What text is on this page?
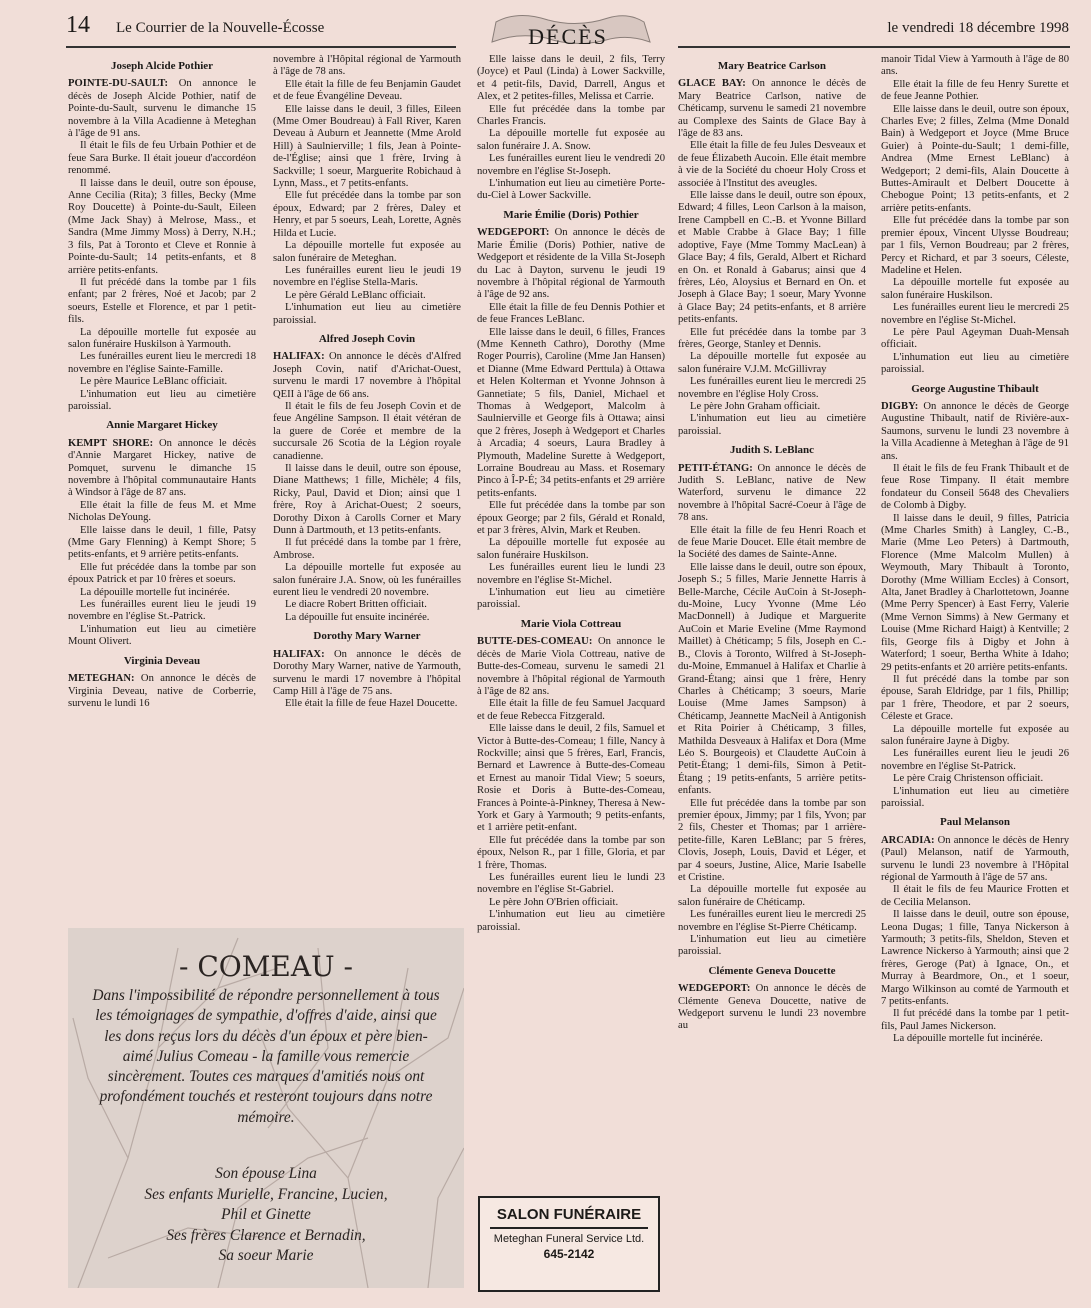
14 Le Courrier de la Nouvelle-Écosse	DÉCÈS	le vendredi 18 décembre 1998
Joseph Alcide Pothier

POINTE-DU-SAULT: On annonce le décès de Joseph Alcide Pothier, natif de Pointe-du-Sault, survenu le dimanche 15 novembre à la Villa Acadienne à Meteghan à l'âge de 91 ans.

Il était le fils de feu Urbain Pothier et de feue Sara Burke. Il était joueur d'accordéon renommé.

Il laisse dans le deuil, outre son épouse, Anne Cecilia (Rita); 3 filles, Becky (Mme Roy Doucette) à Pointe-du-Sault, Eileen (Mme Jack Shay) à Melrose, Mass., et Sandra (Mme Jimmy Moss) à Derry, N.H.; 3 fils, Pat à Toronto et Cleve et Ronnie à Pointe-du-Sault; 14 petits-enfants, et 8 arrière petits-enfants.

Il fut précédé dans la tombe par 1 fils enfant; par 2 frères, Noé et Jacob; par 2 soeurs, Estelle et Florence, et par 1 petit-fils.

La dépouille mortelle fut exposée au salon funéraire Huskilson à Yarmouth.

Les funérailles eurent lieu le mercredi 18 novembre en l'église Sainte-Famille.

Le père Maurice LeBlanc officiait.

L'inhumation eut lieu au cimetière paroissial.

Annie Margaret Hickey

KEMPT SHORE: On annonce le décès d'Annie Margaret Hickey, native de Pomquet, survenu le dimanche 15 novembre à l'hôpital communautaire Hants à Windsor à l'âge de 87 ans.

Elle était la fille de feus M. et Mme Nicholas DeYoung.

Elle laisse dans le deuil, 1 fille, Patsy (Mme Gary Flenning) à Kempt Shore; 5 petits-enfants, et 9 arrière petits-enfants.

Elle fut précédée dans la tombe par son époux Patrick et par 10 frères et soeurs.

La dépouille mortelle fut incinérée.

Les funérailles eurent lieu le jeudi 19 novembre en l'église St.-Patrick.

L'inhumation eut lieu au cimetière Mount Olivert.

Virginia Deveau

METEGHAN: On annonce le décès de Virginia Deveau, native de Corberrie, survenu le lundi 16

novembre à l'Hôpital régional de Yarmouth à l'âge de 78 ans.

Elle était la fille de feu Benjamin Gaudet et de feue Évangéline Deveau.

Elle laisse dans le deuil, 3 filles, Eileen (Mme Omer Boudreau) à Fall River, Karen Deveau à Auburn et Jeannette (Mme Arold Hill) à Saulnierville; 1 fils, Jean à Pointe-de-l'Église; ainsi que 1 frère, Irving à Sackville; 1 soeur, Marguerite Robichaud à Lynn, Mass., et 7 petits-enfants.

Elle fut précédée dans la tombe par son époux, Edward; par 2 frères, Daley et Henry, et par 5 soeurs, Leah, Lorette, Agnès Hilda et Lucie.

La dépouille mortelle fut exposée au salon funéraire de Meteghan.

Les funérailles eurent lieu le jeudi 19 novembre en l'église Stella-Maris.

Le père Gérald LeBlanc officiait.

L'inhumation eut lieu au cimetière paroissial.

Alfred Joseph Covin

HALIFAX: On annonce le décès d'Alfred Joseph Covin, natif d'Arichat-Ouest, survenu le mardi 17 novembre à l'hôpital QEII à l'âge de 66 ans.

Il était le fils de feu Joseph Covin et de feue Angéline Sampson. Il était vétéran de la guere de Corée et membre de la succursale 26 Scotia de la Légion royale canadienne.

Il laisse dans le deuil, outre son épouse, Diane Matthews; 1 fille, Michèle; 4 fils, Ricky, Paul, David et Dion; ainsi que 1 frère, Roy à Arichat-Ouest; 2 soeurs, Dorothy Dixon à Carolls Corner et Mary Dunn à Dartmouth, et 13 petits-enfants.

Il fut précédé dans la tombe par 1 frère, Ambrose.

La dépouille mortelle fut exposée au salon funéraire J.A. Snow, où les funérailles eurent lieu le vendredi 20 novembre.

Le diacre Robert Britten officiait.

La dépouille fut ensuite incinérée.

Dorothy Mary Warner

HALIFAX: On annonce le décès de Dorothy Mary Warner, native de Yarmouth, survenu le mardi 17 novembre à l'hôpital Camp Hill à l'âge de 75 ans.

Elle était la fille de feue Hazel Doucette.

Elle laisse dans le deuil, 2 fils, Terry (Joyce) et Paul (Linda) à Lower Sackville, et 4 petit-fils, David, Darrell, Angus et Alex, et 2 petites-filles, Melissa et Carrie.

Elle fut précédée dans la tombe par Charles Francis.

La dépouille mortelle fut exposée au salon funéraire J. A. Snow.

Les funérailles eurent lieu le vendredi 20 novembre en l'église St-Joseph.

L'inhumation eut lieu au cimetière Porte-du-Ciel à Lower Sackville.

Marie Émilie (Doris) Pothier

WEDGEPORT: On annonce le décès de Marie Émilie (Doris) Pothier, native de Wedgeport et résidente de la Villa St-Joseph du Lac à Dayton, survenu le jeudi 19 novembre à l'hôpital régional de Yarmouth à l'âge de 92 ans.

Elle était la fille de feu Dennis Pothier et de feue Frances LeBlanc.

Elle laisse dans le deuil, 6 filles, Frances (Mme Kenneth Cathro), Dorothy (Mme Roger Pourris), Caroline (Mme Jan Hansen) et Dianne (Mme Edward Perttula) à Ottawa et Helen Kolterman et Yvonne Johnson à Gannetiate; 5 fils, Daniel, Michael et Thomas à Wedgeport, Malcolm à Saulnierville et George fils à Ottawa; ainsi que 2 frères, Joseph à Wedgeport et Charles à Arcadia; 4 soeurs, Laura Bradley à Plymouth, Madeline Surette à Wedgeport, Lorraine Boudreau au Mass. et Rosemary Pinco à Î-P-É; 34 petits-enfants et 29 arrière petits-enfants.

Elle fut précédée dans la tombe par son époux George; par 2 fils, Gérald et Ronald, et par 3 frères, Alvin, Mark et Reuben.

La dépouille mortelle fut exposée au salon funéraire Huskilson.

Les funérailles eurent lieu le lundi 23 novembre en l'église St-Michel.

L'inhumation eut lieu au cimetière paroissial.

Marie Viola Cottreau

BUTTE-DES-COMEAU: On annonce le décès de Marie Viola Cottreau, native de Butte-des-Comeau, survenu le samedi 21 novembre à l'hôpital régional de Yarmouth à l'âge de 82 ans.

Elle était la fille de feu Samuel Jacquard et de feue Rebecca Fitzgerald.

Elle laisse dans le deuil, 2 fils, Samuel et Victor à Butte-des-Comeau; 1 fille, Nancy à Rockville; ainsi que 5 frères, Earl, Francis, Bernard et Lawrence à Butte-des-Comeau et Ernest au manoir Tidal View; 5 soeurs, Rosie et Doris à Butte-des-Comeau, Frances à Pointe-à-Pinkney, Theresa à New-York et Gary à Yarmouth; 9 petits-enfants, et 1 arrière petit-enfant.

Elle fut précédée dans la tombe par son époux, Nelson R., par 1 fille, Gloria, et par 1 frère, Thomas.

Les funérailles eurent lieu le lundi 23 novembre en l'église St-Gabriel.

Le père John O'Brien officiait.

L'inhumation eut lieu au cimetière paroissial.

Mary Beatrice Carlson

GLACE BAY: On annonce le décès de Mary Beatrice Carlson, native de Chéticamp, survenu le samedi 21 novembre au Complexe des Saints de Glace Bay à l'âge de 83 ans.

Elle était la fille de feu Jules Desveaux et de feue Élizabeth Aucoin. Elle était membre à vie de la Société du choeur Holy Cross et associée à l'Institut des aveugles.

Elle laisse dans le deuil, outre son époux, Edward; 4 filles, Leon Carlson à la maison, Irene Campbell en C.-B. et Yvonne Billard et Mable Crabbe à Glace Bay; 1 fille adoptive, Faye (Mme Tommy MacLean) à Glace Bay; 4 fils, Gerald, Albert et Richard en On. et Ronald à Gabarus; ainsi que 4 frères, Léo, Aloysius et Bernard en On. et Joseph à Glace Bay; 1 soeur, Mary Yvonne à Glace Bay; 24 petits-enfants, et 8 arrière petits-enfants.

Elle fut précédée dans la tombe par 3 frères, George, Stanley et Dennis.

La dépouille mortelle fut exposée au salon funéraire V.J.M. McGillivray

Les funérailles eurent lieu le mercredi 25 novembre en l'église Holy Cross.

Le père John Graham officiait.

L'inhumation eut lieu au cimetière paroissial.

Judith S. LeBlanc

PETIT-ÉTANG: On annonce le décès de Judith S. LeBlanc, native de New Waterford, survenu le dimance 22 novembre à l'hôpital Sacré-Coeur à l'âge de 78 ans.

Elle était la fille de feu Henri Roach et de feue Marie Doucet. Elle était membre de la Société des dames de Sainte-Anne.

Elle laisse dans le deuil, outre son époux, Joseph S.; 5 filles, Marie Jennette Harris à Belle-Marche, Cécile AuCoin à St-Joseph-du-Moine, Lucy Yvonne (Mme Léo MacDonnell) à Judique et Marguerite AuCoin et Marie Eveline (Mme Raymond Maillet) à Chéticamp; 5 fils, Joseph en C.-B., Clovis à Toronto, Wilfred à St-Joseph-du-Moine, Emmanuel à Halifax et Charlie à Grand-Étang; ainsi que 1 frère, Henry Charles à Chéticamp; 3 soeurs, Marie Louise (Mme James Sampson) à Chéticamp, Jeannette MacNeil à Antigonish et Rita Poirier à Chéticamp, 3 filles, Mathilda Desveaux à Halifax et Dora (Mme Léo S. Bourgeois) et Claudette AuCoin à Petit-Étang; 1 demi-fils, Simon à Petit-Étang ; 19 petits-enfants, 5 arrière petits-enfants.

Elle fut précédée dans la tombe par son premier époux, Jimmy; par 1 fils, Yvon; par 2 fils, Chester et Thomas; par 1 arrière-petite-fille, Karen LeBlanc; par 5 frères, Clovis, Joseph, Louis, David et Léger, et par 4 soeurs, Justine, Alice, Marie Isabelle et Cristine.

La dépouille mortelle fut exposée au salon funéraire de Chéticamp.

Les funérailles eurent lieu le mercredi 25 novembre en l'église St-Pierre Chéticamp.

L'inhumation eut lieu au cimetière paroissial.

Clémente Geneva Doucette

WEDGEPORT: On annonce le décès de Clémente Geneva Doucette, native de Wedgeport survenu le lundi 23 novembre au

manoir Tidal View à Yarmouth à l'âge de 80 ans.

Elle était la fille de feu Henry Surette et de feue Jeanne Pothier.

Elle laisse dans le deuil, outre son époux, Charles Eve; 2 filles, Zelma (Mme Donald Bain) à Wedgeport et Joyce (Mme Bruce Guier) à Pointe-du-Sault; 1 demi-fille, Andrea (Mme Ernest LeBlanc) à Wedgeport; 2 demi-fils, Alain Doucette à Buttes-Amirault et Delbert Doucette à Chebogue Point; 13 petits-enfants, et 2 arrière petits-enfants.

Elle fut précédée dans la tombe par son premier époux, Vincent Ulysse Boudreau; par 1 fils, Vernon Boudreau; par 2 frères, Percy et Richard, et par 3 soeurs, Céleste, Madeline et Helen.

La dépouille mortelle fut exposée au salon funéraire Huskilson.

Les funérailles eurent lieu le mercredi 25 novembre en l'église St-Michel.

Le père Paul Ageyman Duah-Mensah officiait.

L'inhumation eut lieu au cimetière paroissial.

George Augustine Thibault

DIGBY: On annonce le décès de George Augustine Thibault, natif de Rivière-aux-Saumons, survenu le lundi 23 novembre à la Villa Acadienne à Meteghan à l'âge de 91 ans.

Il était le fils de feu Frank Thibault et de feue Rose Timpany. Il était membre fondateur du Conseil 5648 des Chevaliers de Colomb à Digby.

Il laisse dans le deuil, 9 filles, Patricia (Mme Charles Smith) à Langley, C.-B., Marie (Mme Leo Peters) à Dartmouth, Florence (Mme Malcolm Mullen) à Weymouth, Mary Thibault à Toronto, Dorothy (Mme William Eccles) à Consort, Alta, Janet Bradley à Charlottetown, Joanne (Mme Perry Spencer) à East Ferry, Valerie (Mme Vernon Simms) à New Germany et Louise (Mme Richard Haigt) à Kentville; 2 fils, George fils à Digby et John à Waterford; 1 soeur, Bertha White à Idaho; 29 petits-enfants et 20 arrière petits-enfants.

Il fut précédé dans la tombe par son épouse, Sarah Eldridge, par 1 fils, Phillip; par 1 frère, Theodore, et par 2 soeurs, Céleste et Grace.

La dépouille mortelle fut exposée au salon funéraire Jayne à Digby.

Les funérailles eurent lieu le jeudi 26 novembre en l'église St-Patrick.

Le père Craig Christenson officiait.

L'inhumation eut lieu au cimetière paroissial.

Paul Melanson

ARCADIA: On annonce le décès de Henry (Paul) Melanson, natif de Yarmouth, survenu le lundi 23 novembre à l'Hôpital régional de Yarmouth à l'âge de 57 ans.

Il était le fils de feu Maurice Frotten et de Cecilia Melanson.

Il laisse dans le deuil, outre son épouse, Leona Dugas; 1 fille, Tanya Nickerson à Yarmouth; 3 petits-fils, Sheldon, Steven et Lawrence Nickerso à Yarmouth; ainsi que 2 frères, Geroge (Pat) à Ignace, On., et Murray à Beardmore, On., et 1 soeur, Margo Wilkinson au comté de Yarmouth et 7 petits-enfants.

Il fut précédé dans la tombe par 1 petit-fils, Paul James Nickerson.

La dépouille mortelle fut incinérée.

- COMEAU -
Dans l'impossibilité de répondre personnellement à tous les témoignages de sympathie, d'offres d'aide, ainsi que les dons reçus lors du décès d'un époux et père bien-aimé Julius Comeau - la famille vous remercie sincèrement. Toutes ces marques d'amitiés nous ont profondément touchés et resteront toujours dans notre mémoire.
Son épouse Lina
Ses enfants Murielle, Francine, Lucien,
Phil et Ginette
Ses frères Clarence et Bernadin,
Sa soeur Marie
SALON FUNÉRAIRE
Meteghan Funeral Service Ltd.
645-2142
